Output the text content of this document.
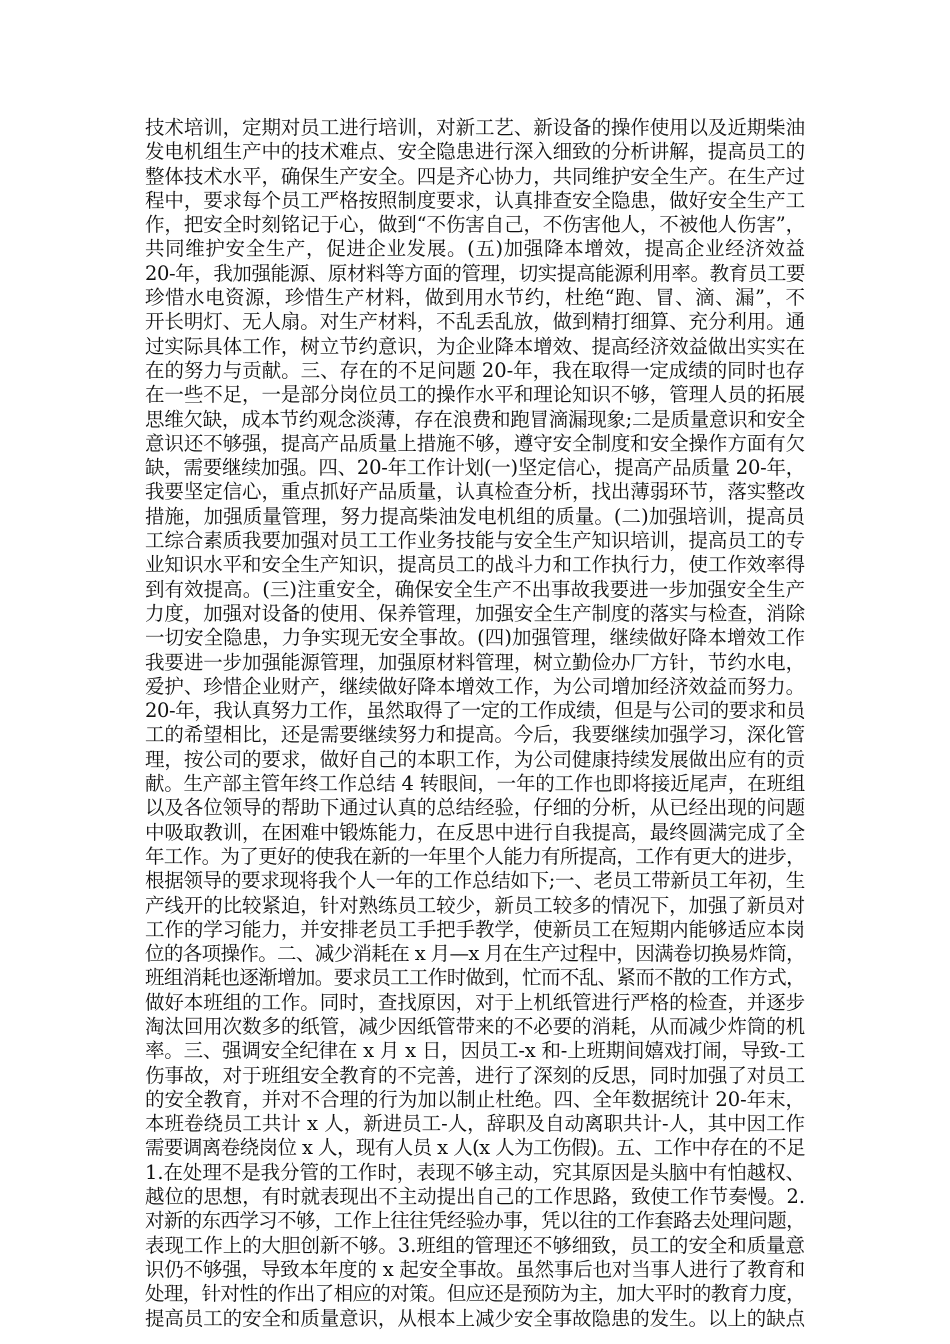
技术培训，定期对员工进行培训，对新工艺、新设备的操作使用以及近期柴油
发电机组生产中的技术难点、安全隐患进行深入细致的分析讲解，提高员工的
整体技术水平，确保生产安全。四是齐心协力，共同维护安全生产。在生产过
程中，要求每个员工严格按照制度要求，认真排查安全隐患，做好安全生产工
作，把安全时刻铭记于心，做到“不伤害自己，不伤害他人，不被他人伤害”，
共同维护安全生产，促进企业发展。(五)加强降本增效，提高企业经济效益
20-年，我加强能源、原材料等方面的管理，切实提高能源利用率。教育员工要
珍惜水电资源，珍惜生产材料，做到用水节约，杜绝“跑、冒、滴、漏”，不
开长明灯、无人扇。对生产材料，不乱丢乱放，做到精打细算、充分利用。通
过实际具体工作，树立节约意识，为企业降本增效、提高经济效益做出实实在
在的努力与贡献。三、存在的不足问题 20-年，我在取得一定成绩的同时也存
在一些不足，一是部分岗位员工的操作水平和理论知识不够，管理人员的拓展
思维欠缺，成本节约观念淡薄，存在浪费和跑冒滴漏现象;二是质量意识和安全
意识还不够强，提高产品质量上措施不够，遵守安全制度和安全操作方面有欠
缺，需要继续加强。四、20-年工作计划(一)坚定信心，提高产品质量 20-年，
我要坚定信心，重点抓好产品质量，认真检查分析，找出薄弱环节，落实整改
措施，加强质量管理，努力提高柴油发电机组的质量。(二)加强培训，提高员
工综合素质我要加强对员工工作业务技能与安全生产知识培训，提高员工的专
业知识水平和安全生产知识，提高员工的战斗力和工作执行力，使工作效率得
到有效提高。(三)注重安全，确保安全生产不出事故我要进一步加强安全生产
力度，加强对设备的使用、保养管理，加强安全生产制度的落实与检查，消除
一切安全隐患，力争实现无安全事故。(四)加强管理，继续做好降本增效工作
我要进一步加强能源管理，加强原材料管理，树立勤俭办厂方针，节约水电，
爱护、珍惜企业财产，继续做好降本增效工作，为公司增加经济效益而努力。
20-年，我认真努力工作，虽然取得了一定的工作成绩，但是与公司的要求和员
工的希望相比，还是需要继续努力和提高。今后，我要继续加强学习，深化管
理，按公司的要求，做好自己的本职工作，为公司健康持续发展做出应有的贡
献。生产部主管年终工作总结 4 转眼间，一年的工作也即将接近尾声，在班组
以及各位领导的帮助下通过认真的总结经验，仔细的分析，从已经出现的问题
中吸取教训，在困难中锻炼能力，在反思中进行自我提高，最终圆满完成了全
年工作。为了更好的使我在新的一年里个人能力有所提高，工作有更大的进步，
根据领导的要求现将我个人一年的工作总结如下;一、老员工带新员工年初，生
产线开的比较紧迫，针对熟练员工较少，新员工较多的情况下，加强了新员对
工作的学习能力，并安排老员工手把手教学，使新员工在短期内能够适应本岗
位的各项操作。二、减少消耗在 x 月—x 月在生产过程中，因满卷切换易炸筒，
班组消耗也逐渐增加。要求员工工作时做到，忙而不乱、紧而不散的工作方式，
做好本班组的工作。同时，查找原因，对于上机纸管进行严格的检查，并逐步
淘汰回用次数多的纸管，减少因纸管带来的不必要的消耗，从而减少炸筒的机
率。三、强调安全纪律在 x 月 x 日，因员工-x 和-上班期间嬉戏打闹，导致-工
伤事故，对于班组安全教育的不完善，进行了深刻的反思，同时加强了对员工
的安全教育，并对不合理的行为加以制止杜绝。四、全年数据统计 20-年末，
本班卷绕员工共计 x 人，新进员工-人，辞职及自动离职共计-人，其中因工作
需要调离卷绕岗位 x 人，现有人员 x 人(x 人为工伤假)。五、工作中存在的不足
1.在处理不是我分管的工作时，表现不够主动，究其原因是头脑中有怕越权、
越位的思想，有时就表现出不主动提出自己的工作思路，致使工作节奏慢。2.
对新的东西学习不够，工作上往往凭经验办事，凭以往的工作套路去处理问题，
表现工作上的大胆创新不够。3.班组的管理还不够细致，员工的安全和质量意
识仍不够强，导致本年度的 x 起安全事故。虽然事后也对当事人进行了教育和
处理，针对性的作出了相应的对策。但应还是预防为主，加大平时的教育力度，
提高员工的安全和质量意识，从根本上减少安全事故隐患的发生。以上的缺点
